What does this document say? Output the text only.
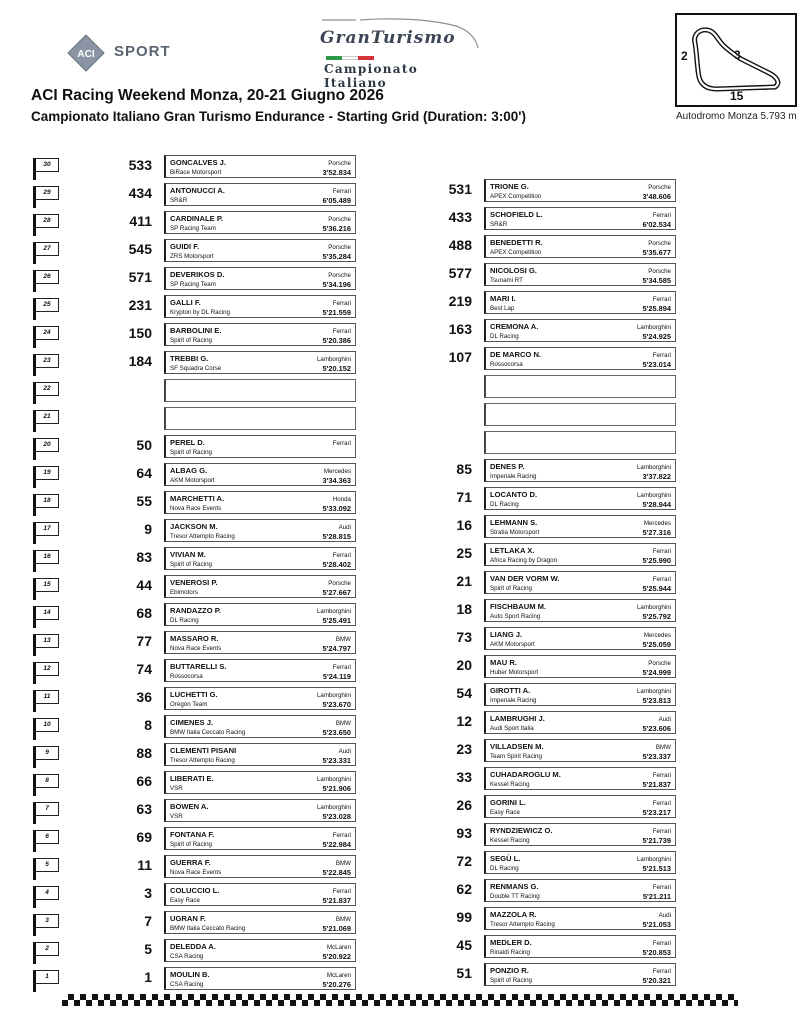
ACI SPORT
GranTurismo
Campionato Italiano
2	3
15
Autodromo Monza 5.793 m
ACI Racing Weekend Monza, 20-21 Giugno 2026
Campionato Italiano Gran Turismo Endurance - Starting Grid (Duration: 3:00')
30
29
28
27
26
25
24
23
22
21
20
19
18
17
16
15
14
13
12
11
10
9
8
7
6
5
4
3
2
1
533 GONCALVES J.
BiRace Motorsport
Porsche
3'52.834
434 ANTONUCCI A.
SR&R
Ferrari
6'05.489
411 CARDINALE P.
SP Racing Team
Porsche
5'36.216
545 GUIDI F.
ZRS Motorsport
Porsche
5'35.284
571 DEVERIKOS D.
SP Racing Team
Porsche
5'34.196
231 GALLI F.
Krypton by DL Racing
Ferrari
5'21.559
150 BARBOLINI E.
Spirit of Racing
Ferrari
5'20.386
184 TREBBI G.
SF Squadra Corse
Lamborghini
5'20.152
50 PEREL D.
Spirit of Racing
Ferrari
64 ALBAG G.
AKM Motorsport
Mercedes
3'34.363
55 MARCHETTI A.
Nova Race Events
Honda
5'33.092
9 JACKSON M.
Tresor Attempto Racing
Audi
5'28.815
83 VIVIAN M.
Spirit of Racing
Ferrari
5'28.402
44 VENEROSI P.
Ebimotors
Porsche
5'27.667
68 RANDAZZO P.
DL Racing
Lamborghini
5'25.491
77 MASSARO R.
Nova Race Events
BMW
5'24.797
74 BUTTARELLI S.
Rossocorsa
Ferrari
5'24.119
36 LUCHETTI G.
Oregon Team
Lamborghini
5'23.670
8 CIMENES J.
BMW Italia Ceccato Racing
BMW
5'23.650
88 CLEMENTI PISANI
Tresor Attempto Racing
Audi
5'23.331
66 LIBERATI E.
VSR
Lamborghini
5'21.906
63 BOWEN A.
VSR
Lamborghini
5'23.028
69 FONTANA F.
Spirit of Racing
Ferrari
5'22.984
11 GUERRA F.
Nova Race Events
BMW
5'22.845
3 COLUCCIO L.
Easy Race
Ferrari
5'21.837
7 UGRAN F.
BMW Italia Ceccato Racing
BMW
5'21.069
5 DELEDDA A.
CSA Racing
McLaren
5'20.922
1 MOULIN B.
CSA Racing
McLaren
5'20.276
531 TRIONE G.
APEX Competition
Porsche
3'48.606
433 SCHOFIELD L.
SR&R
Ferrari
6'02.534
488 BENEDETTI R.
APEX Competition
Porsche
5'35.677
577 NICOLOSI G.
Tsunami RT
Porsche
5'34.585
219 MARI I.
Best Lap
Ferrari
5'25.894
163 CREMONA A.
DL Racing
Lamborghini
5'24.925
107 DE MARCO N.
Rossocorsa
Ferrari
5'23.014
85 DENES P.
Imperiale Racing
Lamborghini
3'37.822
71 LOCANTO D.
DL Racing
Lamborghini
5'28.944
16 LEHMANN S.
Stratia Motorsport
Mercedes
5'27.316
25 LETLAKA X.
Africa Racing by Dragon
Ferrari
5'25.990
21 VAN DER VORM W.
Spirit of Racing
Ferrari
5'25.944
18 FISCHBAUM M.
Auto Sport Racing
Lamborghini
5'25.792
73 LIANG J.
AKM Motorsport
Mercedes
5'25.059
20 MAU R.
Huber Motorsport
Porsche
5'24.999
54 GIROTTI A.
Imperiale Racing
Lamborghini
5'23.813
12 LAMBRUGHI J.
Audi Sport Italia
Audi
5'23.606
23 VILLADSEN M.
Team Spirit Racing
BMW
5'23.337
33 CUHADAROGLU M.
Kessel Racing
Ferrari
5'21.837
26 GORINI L.
Easy Race
Ferrari
5'23.217
93 RYNDZIEWICZ O.
Kessel Racing
Ferrari
5'21.739
72 SEGÙ L.
DL Racing
Lamborghini
5'21.513
62 RENMANS G.
Double TT Racing
Ferrari
5'21.211
99 MAZZOLA R.
Tresor Attempto Racing
Audi
5'21.053
45 MEDLER D.
Rinaldi Racing
Ferrari
5'20.853
51 PONZIO R.
Spirit of Racing
Ferrari
5'20.321
